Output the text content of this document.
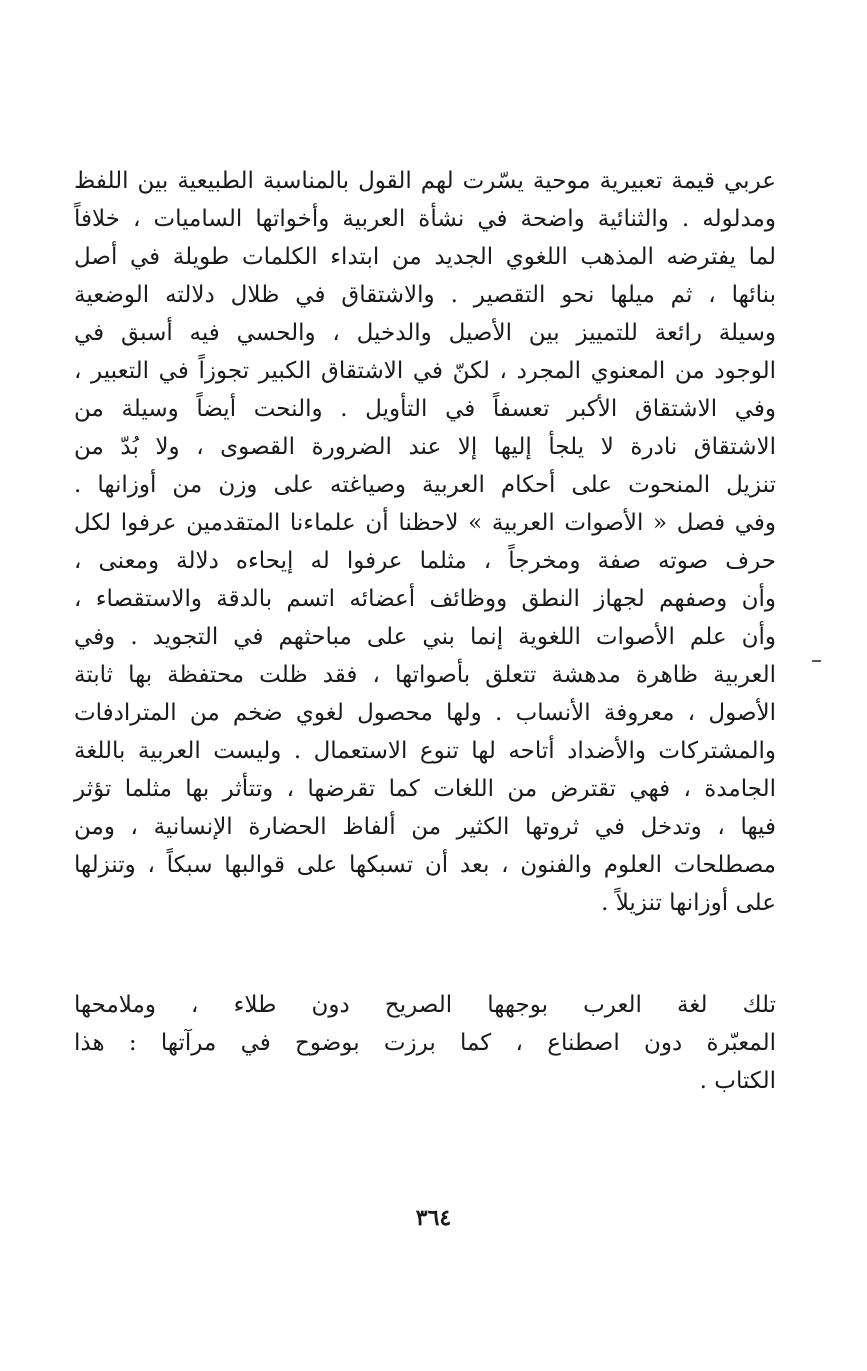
عربي قيمة تعبيرية موحية يسّرت لهم القول بالمناسبة الطبيعية بين اللفظ
ومدلوله . والثنائية واضحة في نشأة العربية وأخواتها الساميات ، خلافاً
لما يفترضه المذهب اللغوي الجديد من ابتداء الكلمات طويلة في أصل
بنائها ، ثم ميلها نحو التقصير . والاشتقاق في ظلال دلالته الوضعية
وسيلة رائعة للتمييز بين الأصيل والدخيل ، والحسي فيه أسبق في
الوجود من المعنوي المجرد ، لكنّ في الاشتقاق الكبير تجوزاً في التعبير ،
وفي الاشتقاق الأكبر تعسفاً في التأويل . والنحت أيضاً وسيلة من
الاشتقاق نادرة لا يلجأ إليها إلا عند الضرورة القصوى ، ولا بُدّ من
تنزيل المنحوت على أحكام العربية وصياغته على وزن من أوزانها .
وفي فصل « الأصوات العربية » لاحظنا أن علماءنا المتقدمين عرفوا لكل
حرف صوته صفة ومخرجاً ، مثلما عرفوا له إيحاءه دلالة ومعنى ،
وأن وصفهم لجهاز النطق ووظائف أعضائه اتسم بالدقة والاستقصاء ،
وأن علم الأصوات اللغوية إنما بني على مباحثهم في التجويد . وفي
العربية ظاهرة مدهشة تتعلق بأصواتها ، فقد ظلت محتفظة بها ثابتة
الأصول ، معروفة الأنساب . ولها محصول لغوي ضخم من المترادفات
والمشتركات والأضداد أتاحه لها تنوع الاستعمال . وليست العربية باللغة
الجامدة ، فهي تقترض من اللغات كما تقرضها ، وتتأثر بها مثلما تؤثر
فيها ، وتدخل في ثروتها الكثير من ألفاظ الحضارة الإنسانية ، ومن
مصطلحات العلوم والفنون ، بعد أن تسبكها على قوالبها سبكاً ، وتنزلها
على أوزانها تنزيلاً .
تلك لغة العرب بوجهها الصريح دون طلاء ، وملامحها
المعبّرة دون اصطناع ، كما برزت بوضوح في مرآتها : هذا
الكتاب .
٣٦٤
